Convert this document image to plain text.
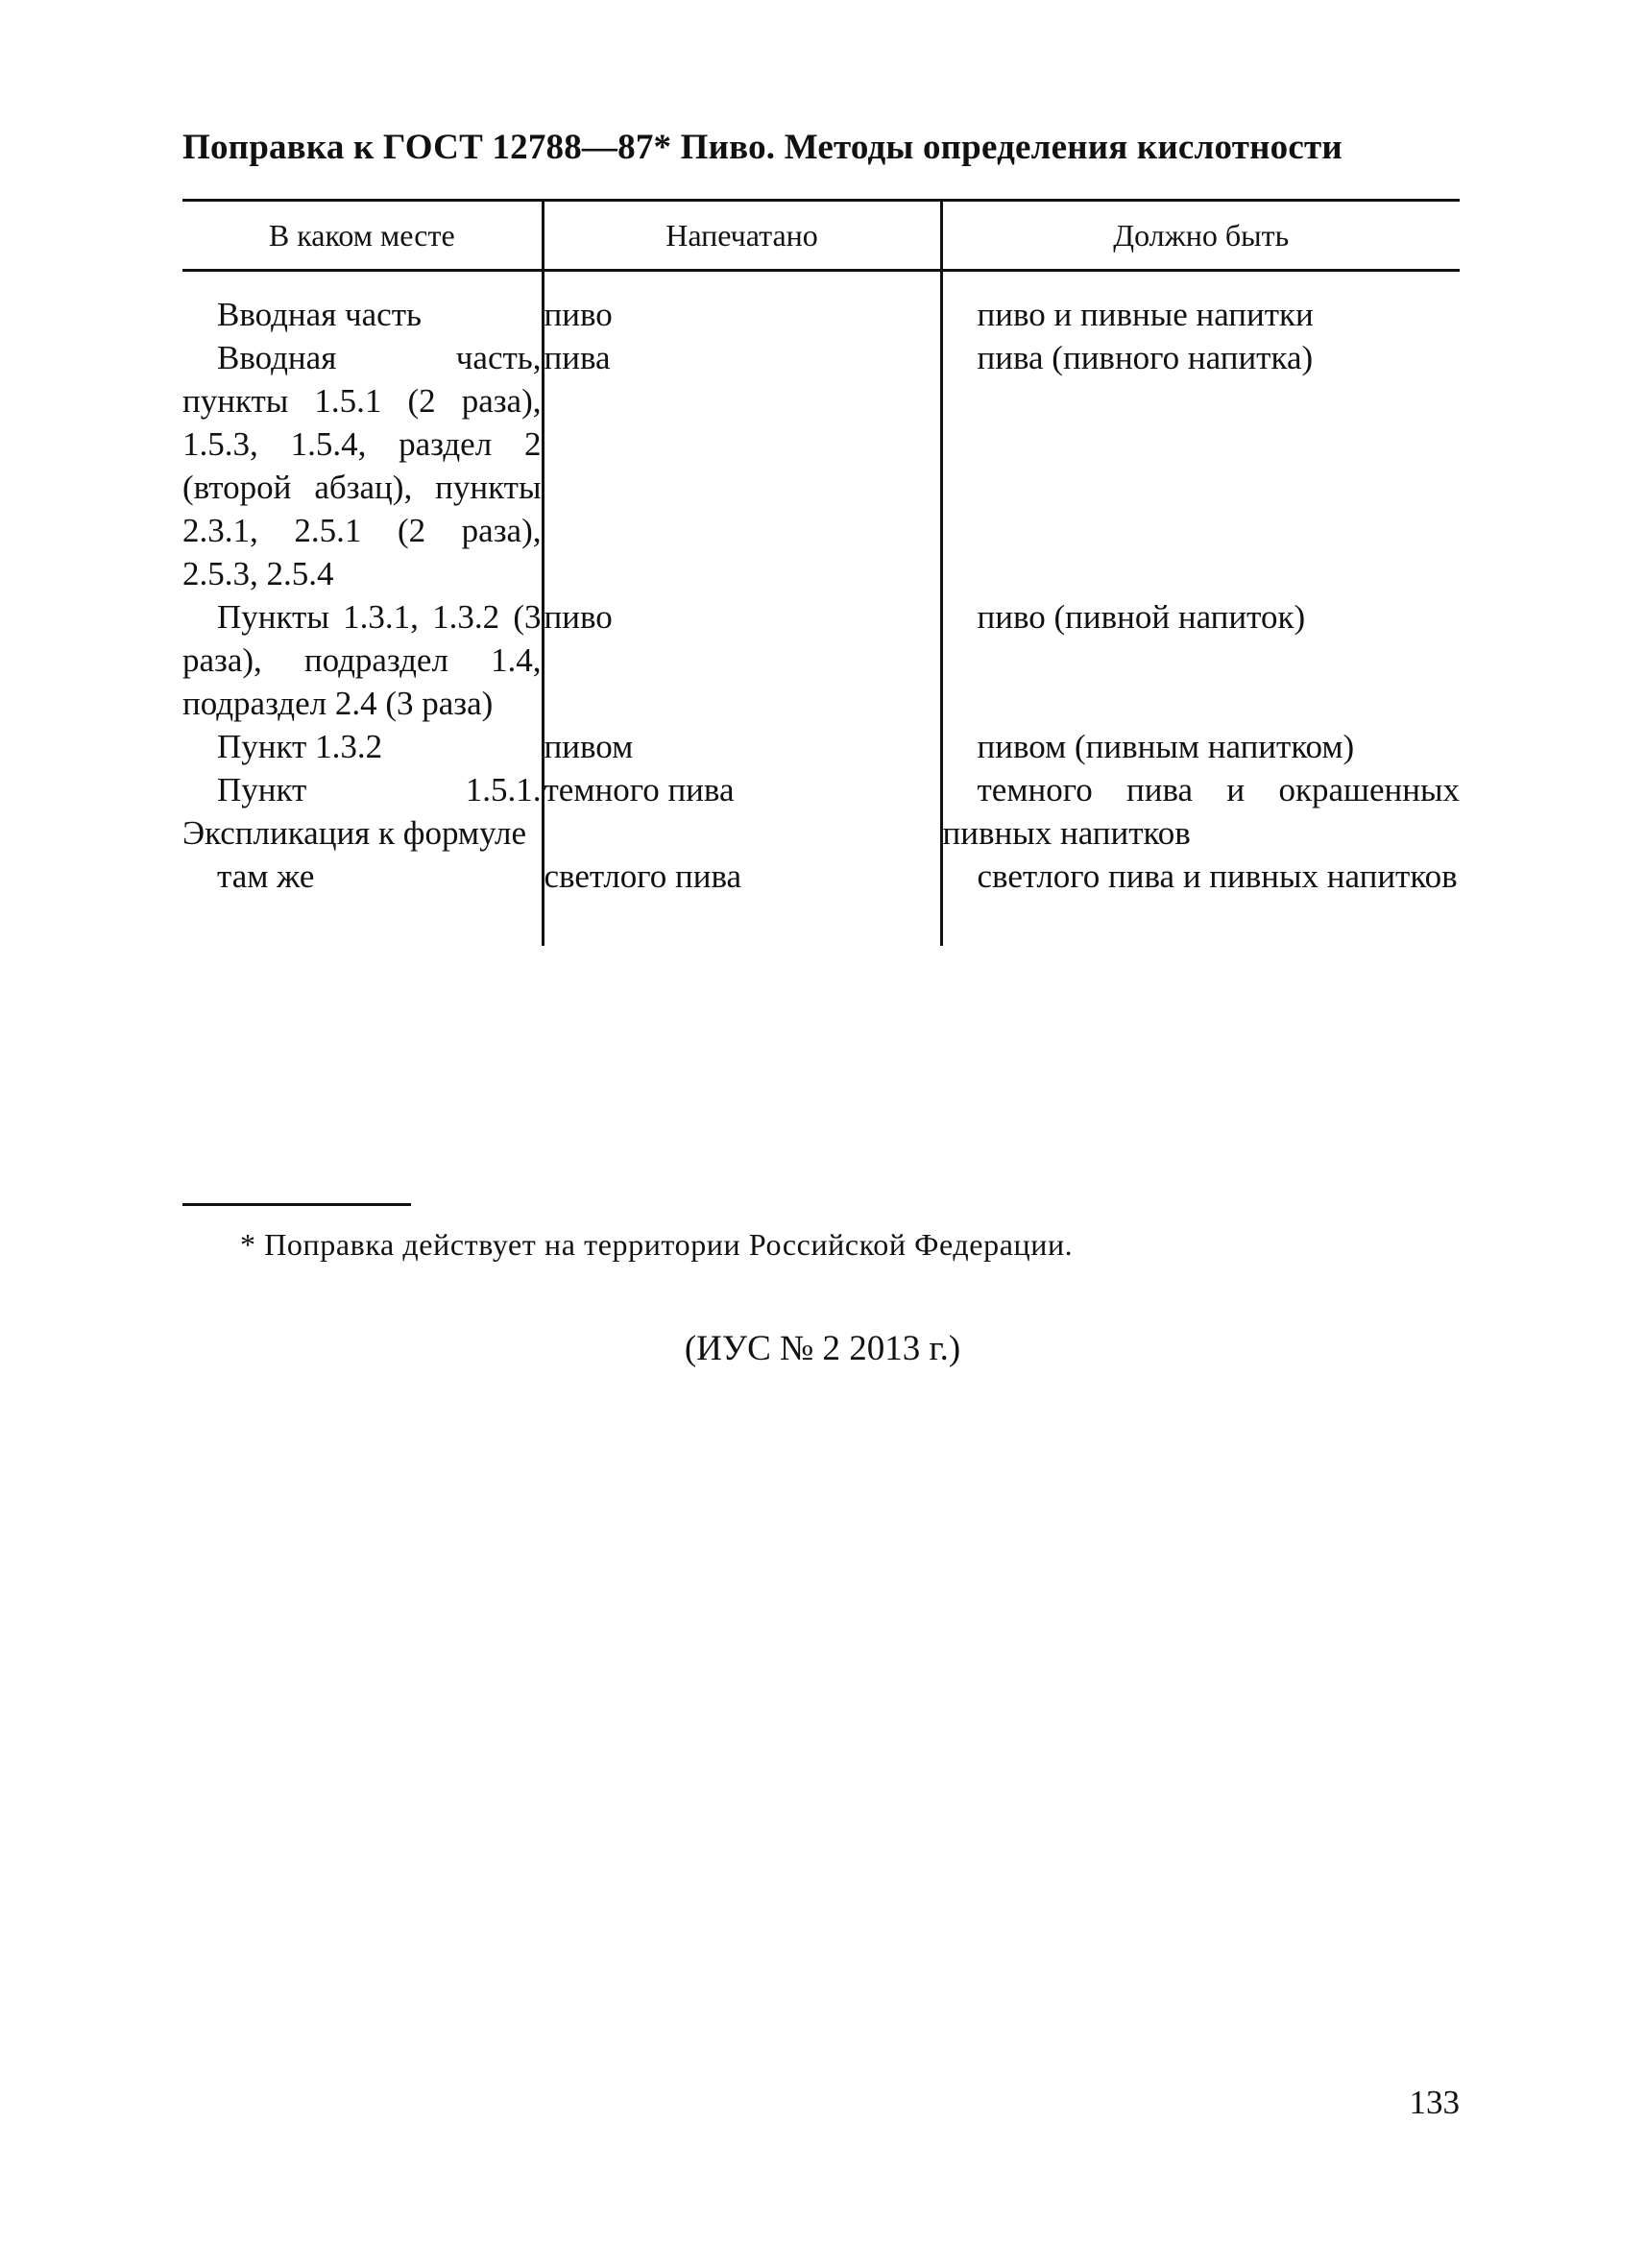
Поправка к ГОСТ 12788—87* Пиво. Методы определения кислотности
В каком месте	Напечатано	Должно быть

Вводная часть	пиво	пиво и пивные напитки

Вводная часть, пункты 1.5.1 (2 раза), 1.5.3, 1.5.4, раздел 2 (второй абзац), пункты 2.3.1, 2.5.1 (2 раза), 2.5.3, 2.5.4	пива	пива (пивного напитка)

Пункты 1.3.1, 1.3.2 (3 раза), подраздел 1.4, подраздел 2.4 (3 раза)	пиво	пиво (пивной напиток)

Пункт 1.3.2	пивом	пивом (пивным напитком)

Пункт 1.5.1. Экспликация к формуле	темного пива	темного пива и окрашенных пивных напитков

там же	светлого пива	светлого пива и пивных напитков

* Поправка действует на территории Российской Федерации.
(ИУС № 2 2013 г.)
133
